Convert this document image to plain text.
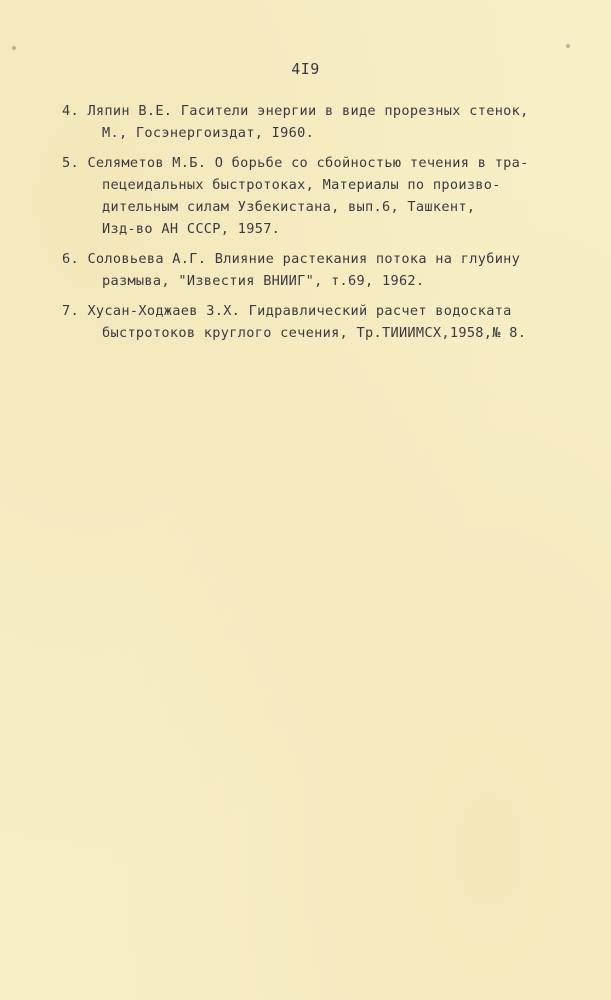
4I9
4. Ляпин В.Е. Гасители энергии в виде прорезных стенок,
М., Госэнергоиздат, I960.
5. Селяметов М.Б. О борьбе со сбойностью течения в тра-
пецеидальных быстротоках, Материалы по произво-
дительным силам Узбекистана, вып.6, Ташкент,
Изд-во АН СССР, 1957.
6. Соловьева А.Г. Влияние растекания потока на глубину
размыва, "Известия ВНИИГ", т.69, 1962.
7. Хусан-Ходжаев З.Х. Гидравлический расчет водоската
быстротоков круглого сечения, Тр.ТИИИМСХ,1958,№ 8.
